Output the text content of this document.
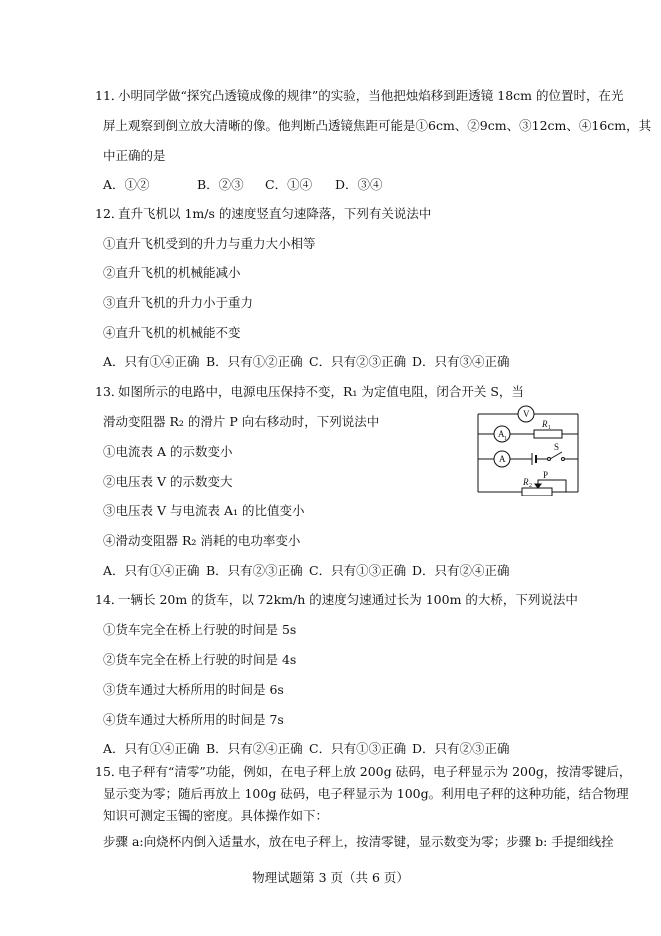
11．
小明同学做“探究凸透镜成像的规律”的实验，当他把烛焰移到距透镜 18cm 的位置时，在光
屏上观察到倒立放大清晰的像。他判断凸透镜焦距可能是①6cm、②9cm、③12cm、④16cm，其
中正确的是
A．①②	B．②③ C．①④ D．③④
12．
直升飞机以 1m/s 的速度竖直匀速降落，下列有关说法中
①直升飞机受到的升力与重力大小相等
②直升飞机的机械能减小
③直升飞机的升力小于重力
④直升飞机的机械能不变
A．只有①④正确 B．只有①②正确 C．只有②③正确 D．只有③④正确
13．
如图所示的电路中，电源电压保持不变，R₁ 为定值电阻，闭合开关 S，当
滑动变阻器 R₂ 的滑片 P 向右移动时，下列说法中
①电流表 A 的示数变小
②电压表 V 的示数变大
③电压表 V 与电流表 A₁ 的比值变小
④滑动变阻器 R₂ 消耗的电功率变小
A．只有①④正确 B．只有②③正确 C．只有①③正确 D．只有②④正确
V
A 1
R 1
A
S
R 2
P
14．
一辆长 20m 的货车，以 72km/h 的速度匀速通过长为 100m 的大桥，下列说法中
①货车完全在桥上行驶的时间是 5s
②货车完全在桥上行驶的时间是 4s
③货车通过大桥所用的时间是 6s
④货车通过大桥所用的时间是 7s
A．只有①④正确 B．只有②④正确 C．只有①③正确 D．只有②③正确
15．
电子秤有“清零”功能，例如，在电子秤上放 200g 砝码，电子秤显示为 200g，按清零键后，
显示变为零；随后再放上 100g 砝码，电子秤显示为 100g。利用电子秤的这种功能，结合物理
知识可测定玉镯的密度。具体操作如下：
步骤 a:向烧杯内倒入适量水，放在电子秤上，按清零键，显示数变为零；步骤 b: 手提细线拴
物理试题第 3 页（共 6 页）
